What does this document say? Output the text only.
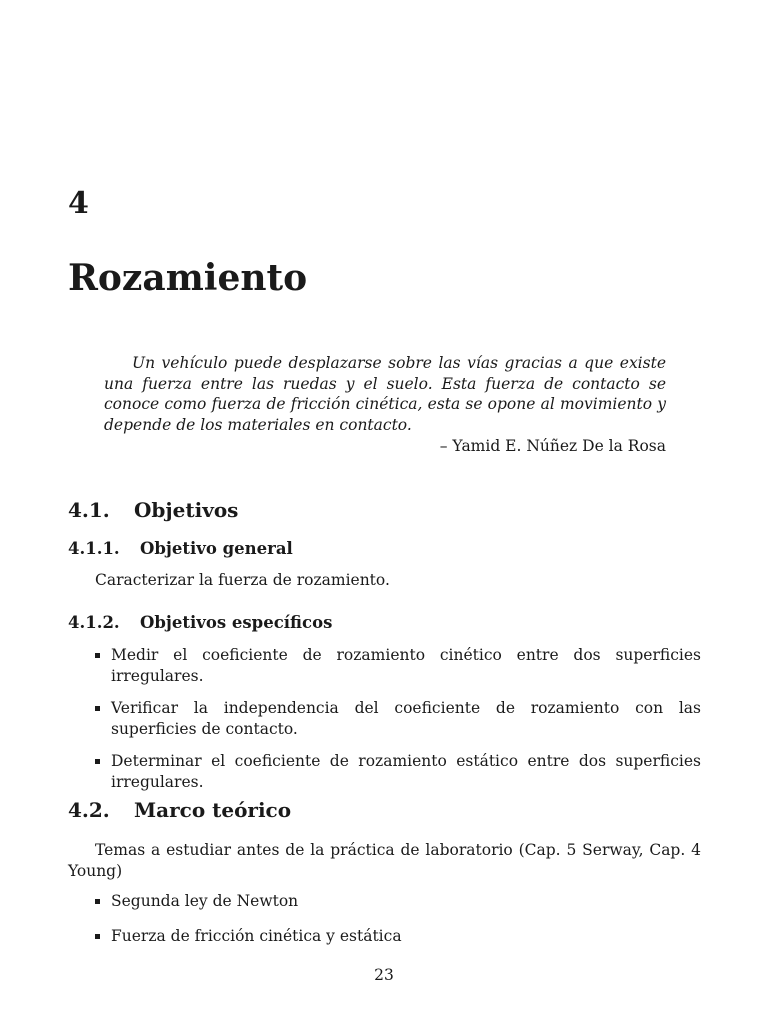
4
Rozamiento

Un vehículo puede desplazarse sobre las vías gracias a que existe una fuerza entre las ruedas y el suelo. Esta fuerza de contacto se conoce como fuerza de fricción cinética, esta se opone al movimiento y depende de los materiales en contacto.

– Yamid E. Núñez De la Rosa
4.1. Objetivos
4.1.1. Objetivo general
Caracterizar la fuerza de rozamiento.
4.1.2. Objetivos específicos
Medir el coeficiente de rozamiento cinético entre dos superficies irregulares.
Verificar la independencia del coeficiente de rozamiento con las superficies de contacto.
Determinar el coeficiente de rozamiento estático entre dos superficies irregulares.
4.2. Marco teórico
Temas a estudiar antes de la práctica de laboratorio (Cap. 5 Serway, Cap. 4 Young)
Segunda ley de Newton
Fuerza de fricción cinética y estática
23
